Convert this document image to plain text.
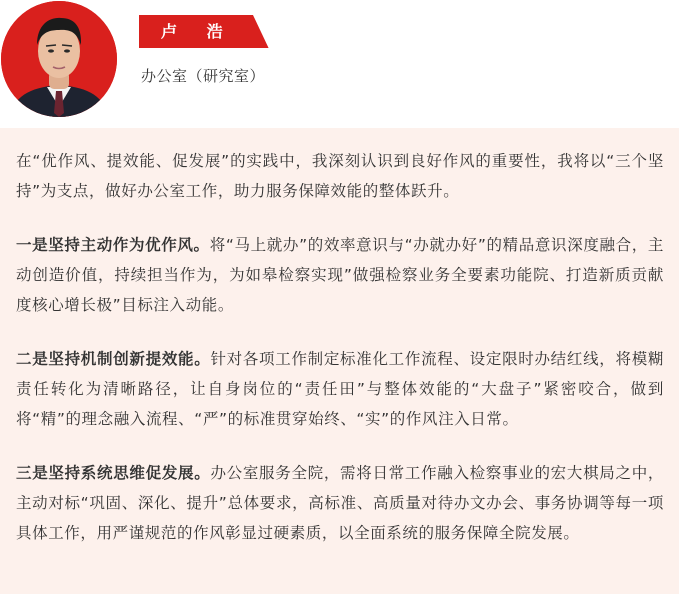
卢 浩
办公室（研究室）

在“优作风、提效能、促发展”的实践中，我深刻认识到良好作风的重要性，我将以“三个坚持”为支点，做好办公室工作，助力服务保障效能的整体跃升。

一是坚持主动作为优作风。将“马上就办”的效率意识与“办就办好”的精品意识深度融合，主动创造价值，持续担当作为，为如皋检察实现”做强检察业务全要素功能院、打造新质贡献度核心增长极”目标注入动能。

二是坚持机制创新提效能。针对各项工作制定标准化工作流程、设定限时办结红线，将模糊责任转化为清晰路径，让自身岗位的“责任田”与整体效能的“大盘子”紧密咬合，做到将“精”的理念融入流程、“严”的标准贯穿始终、“实”的作风注入日常。

三是坚持系统思维促发展。办公室服务全院，需将日常工作融入检察事业的宏大棋局之中，主动对标“巩固、深化、提升”总体要求，高标准、高质量对待办文办会、事务协调等每一项具体工作，用严谨规范的作风彰显过硬素质，以全面系统的服务保障全院发展。
